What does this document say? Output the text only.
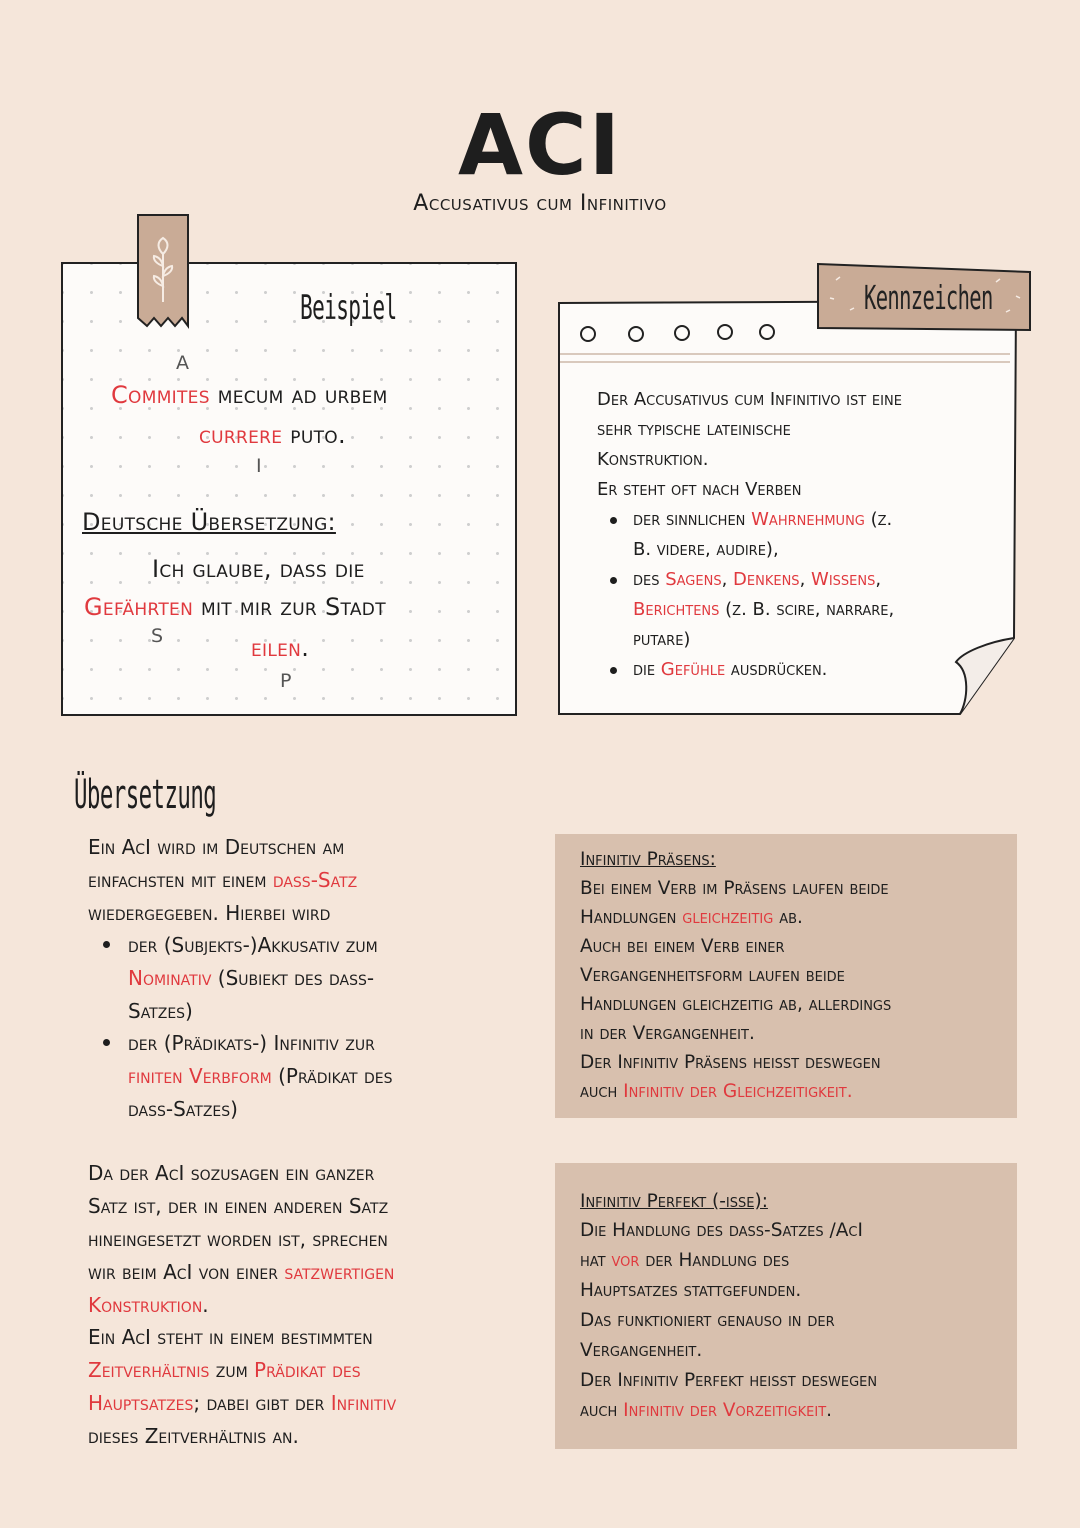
ACI
Accusativus cum Infinitivo
Beispiel
A
Commites mecum ad urbem
currere puto.
I
Deutsche Übersetzung:
Ich glaube, dass die
Gefährten mit mir zur Stadt
S	eilen.
P
Kennzeichen
Der Accusativus cum Infinitivo ist eine
sehr typische lateinische
Konstruktion.
Er steht oft nach Verben
der sinnlichen Wahrnehmung (z.
B. videre, audire),
des Sagens, Denkens, Wissens,
Berichtens (z. B. scire, narrare,
putare)
die Gefühle ausdrücken.
Übersetzung
Ein AcI wird im Deutschen am
einfachsten mit einem dass-Satz
wiedergegeben. Hierbei wird
der (Subjekts-)Akkusativ zum
Nominativ (Subiekt des dass-
Satzes)
der (Prädikats-) Infinitiv zur
finiten Verbform (Prädikat des
dass-Satzes)
Da der AcI sozusagen ein ganzer
Satz ist, der in einen anderen Satz
hineingesetzt worden ist, sprechen
wir beim AcI von einer satzwertigen
Konstruktion.
Ein AcI steht in einem bestimmten
Zeitverhältnis zum Prädikat des
Hauptsatzes; dabei gibt der Infinitiv
dieses Zeitverhältnis an.
Infinitiv Präsens:
Bei einem Verb im Präsens laufen beide
Handlungen gleichzeitig ab.
Auch bei einem Verb einer
Vergangenheitsform laufen beide
Handlungen gleichzeitig ab, allerdings
in der Vergangenheit.
Der Infinitiv Präsens heisst deswegen
auch Infinitiv der Gleichzeitigkeit.
Infinitiv Perfekt (-isse):
Die Handlung des dass-Satzes /AcI
hat vor der Handlung des
Hauptsatzes stattgefunden.
Das funktioniert genauso in der
Vergangenheit.
Der Infinitiv Perfekt heisst deswegen
auch Infinitiv der Vorzeitigkeit.
